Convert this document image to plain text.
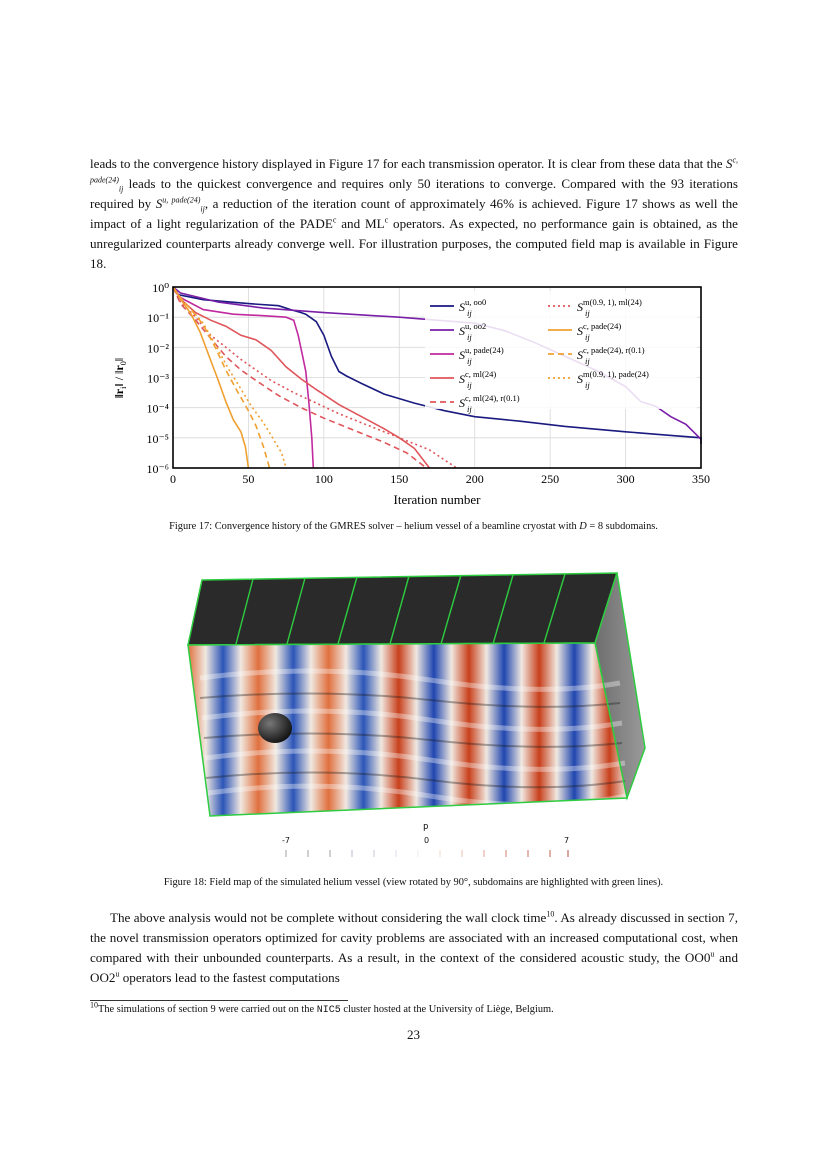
leads to the convergence history displayed in Figure 17 for each transmission operator. It is clear from these data that the $S^{c, pade(24)}_{ij}$ leads to the quickest convergence and requires only 50 iterations to converge. Compared with the 93 iterations required by $S^{u, pade(24)}_{ij}$, a reduction of the iteration count of approximately 46% is achieved. Figure 17 shows as well the impact of a light regularization of the PADE$^c$ and $ML^c$ operators. As expected, no performance gain is obtained, as the unregularized counterparts already converge well. For illustration purposes, the computed field map is available in Figure 18.
0	50	100	150	200	250	300	350
10⁰
10⁻¹
10⁻²
10⁻³
10⁻⁴
10⁻⁵
10⁻⁶
Iteration number
$‖r_i‖$ / $‖r_0‖$
$S^{u, oo0}$ ij	$S^{m(0.9, 1), ml(24)}$ ij
$S^{u, oo2}$ ij	$S^{c, pade(24)}$ ij
$S^{u, pade(24)}$ ij	$S^{c, pade(24), r(0.1)}$ ij
$S^{c, ml(24)}$ ij	$S^{m(0.9, 1), pade(24)}$ ij
$S^{c, ml(24), r(0.1)}$ ij
Figure 17: Convergence history of the GMRES solver – helium vessel of a beamline cryostat with D = 8 subdomains.
p
-7	0	7
Figure 18: Field map of the simulated helium vessel (view rotated by 90°, subdomains are highlighted with green lines).
The above analysis would not be complete without considering the wall clock time$^{10}$. As already discussed in section 7, the novel transmission operators optimized for cavity problems are associated with an increased computational cost, when compared with their unbounded counterparts. As a result, in the context of the considered acoustic study, the OO0$^u$ and OO2$^u$ operators lead to the fastest computations
$^{10}$The simulations of section 9 were carried out on the NIC5 cluster hosted at the University of Liège, Belgium.
23
